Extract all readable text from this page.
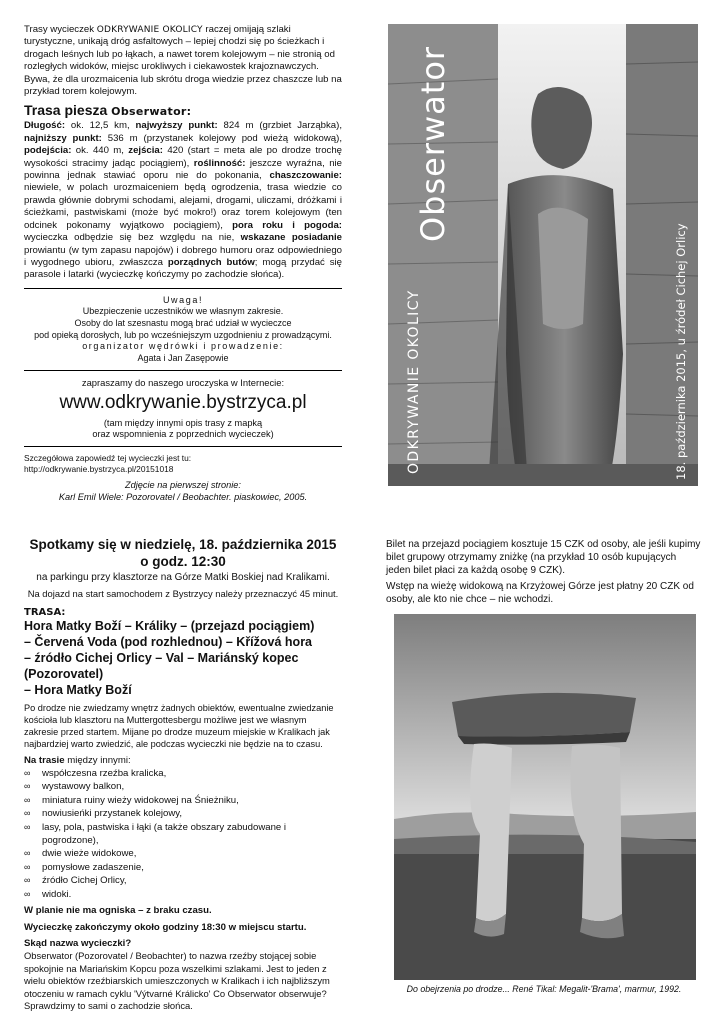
Trasy wycieczek ODKRYWANIE OKOLICY raczej omijają szlaki turystyczne, unikają dróg asfaltowych – lepiej chodzi się po ścieżkach i drogach leśnych lub po łąkach, a nawet torem kolejowym – nie stronią od rozległych widoków, miejsc urokliwych i ciekawostek krajoznawczych. Bywa, że dla urozmaicenia lub skrótu droga wiedzie przez chaszcze lub na przykład torem kolejowym.

Trasa piesza Obserwator:

Długość: ok. 12,5 km, najwyższy punkt: 824 m (grzbiet Jarząbka), najniższy punkt: 536 m (przystanek kolejowy pod wieżą widokową), podejścia: ok. 440 m, zejścia: 420 (start = meta ale po drodze trochę wysokości stracimy jadąc pociągiem), roślinność: jeszcze wyraźna, nie powinna jednak stawiać oporu nie do pokonania, chaszczowanie: niewiele, w polach urozmaiceniem będą ogrodzenia, trasa wiedzie co prawda głównie dobrymi schodami, alejami, drogami, uliczami, dróżkami i ścieżkami, pastwiskami (może być mokro!) oraz torem kolejowym (ten odcinek pokonamy wyjątkowo pociągiem), pora roku i pogoda: wycieczka odbędzie się bez względu na nie, wskazane posiadanie prowiantu (w tym zapasu napojów) i dobrego humoru oraz odpowiedniego i wygodnego ubioru, zwłaszcza porządnych butów; mogą przydać się parasole i latarki (wycieczkę kończymy po zachodzie słońca).

Uwaga!
Ubezpieczenie uczestników we własnym zakresie.
Osoby do lat szesnastu mogą brać udział w wycieczce
pod opieką dorosłych, lub po wcześniejszym uzgodnieniu z prowadzącymi.
organizator wędrówki i prowadzenie:
Agata i Jan Zasępowie
zapraszamy do naszego uroczyska w Internecie:
www.odkrywanie.bystrzyca.pl
(tam między innymi opis trasy z mapką
oraz wspomnienia z poprzednich wycieczek)
Szczegółowa zapowiedź tej wycieczki jest tu: http://odkrywanie.bystrzyca.pl/20151018
Zdjęcie na pierwszej stronie:
Karl Emil Wiele: Pozorovatel / Beobachter. piaskowiec, 2005.
Obserwator
ODKRYWANIE OKOLICY	18. października 2015, u źródeł Cichej Orlicy

Spotkamy się w niedzielę, 18. października 2015
o godz. 12:30

na parkingu przy klasztorze na Górze Matki Boskiej nad Kralikami.

Na dojazd na start samochodem z Bystrzycy należy przeznaczyć 45 minut.

TRASA:

Hora Matky Boží – Králiky – (przejazd pociągiem)
– Červená Voda (pod rozhlednou) – Křížová hora
– źródło Cichej Orlicy – Val – Mariánský kopec (Pozorovatel)
– Hora Matky Boží

Po drodze nie zwiedzamy wnętrz żadnych obiektów, ewentualne zwiedzanie kościoła lub klasztoru na Muttergottesbergu możliwe jest we własnym zakresie przed startem. Mijane po drodze muzeum miejskie w Kralikach jak najbardziej warto zwiedzić, ale podczas wycieczki nie będzie na to czasu.

Na trasie między innymi:

∞ współczesna rzeźba kralicka,
∞ wystawowy balkon,
∞ miniatura ruiny wieży widokowej na Śnieżniku,
∞ nowiusieńki przystanek kolejowy,
∞ lasy, pola, pastwiska i łąki (a także obszary zabudowane i pogrodzone),
∞ dwie wieże widokowe,
∞ pomysłowe zadaszenie,
∞ źródło Cichej Orlicy,
∞ widoki.

W planie nie ma ogniska – z braku czasu.

Wycieczkę zakończymy około godziny 18:30 w miejscu startu.

Skąd nazwa wycieczki?

Obserwator (Pozorovatel / Beobachter) to nazwa rzeźby stojącej sobie spokojnie na Mariańskim Kopcu poza wszelkimi szlakami. Jest to jeden z wielu obiektów rzeźbiarskich umieszczonych w Kralikach i ich najbliższym otoczeniu w ramach cyklu 'Výtvarné Králicko' Co Obserwator obserwuje? Sprawdzimy to sami o zachodzie słońca.

Bilet na przejazd pociągiem kosztuje 15 CZK od osoby, ale jeśli kupimy bilet grupowy otrzymamy zniżkę (na przykład 10 osób kupujących jeden bilet płaci za każdą osobę 9 CZK).

Wstęp na wieżę widokową na Krzyżowej Górze jest płatny 20 CZK od osoby, ale kto nie chce – nie wchodzi.

Do obejrzenia po drodze... René Tikal: Megalit-'Brama', marmur, 1992.
